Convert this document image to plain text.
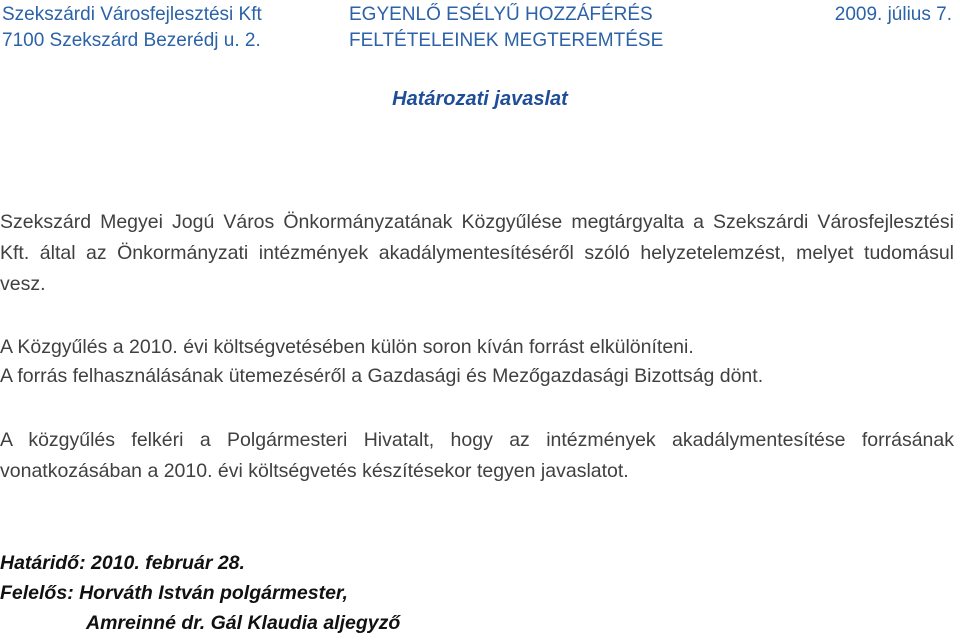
Szekszárdi Városfejlesztési Kft
7100 Szekszárd Bezerédj u. 2.
EGYENLŐ ESÉLYŰ HOZZÁFÉRÉS
FELTÉTELEINEK MEGTEREMTÉSE
2009. július 7.
Határozati javaslat
Szekszárd Megyei Jogú Város Önkormányzatának Közgyűlése megtárgyalta a Szekszárdi Városfejlesztési Kft. által az Önkormányzati intézmények akadálymentesítéséről szóló helyzetelemzést, melyet tudomásul vesz.
A Közgyűlés a 2010. évi költségvetésében külön soron kíván forrást elkülöníteni.
A forrás felhasználásának ütemezéséről a Gazdasági és Mezőgazdasági Bizottság dönt.
A közgyűlés felkéri a Polgármesteri Hivatalt, hogy az intézmények akadálymentesítése forrásának vonatkozásában a 2010. évi költségvetés készítésekor tegyen javaslatot.
Határidő: 2010. február 28.
Felelős: Horváth István polgármester,
Amreinné dr. Gál Klaudia aljegyző
